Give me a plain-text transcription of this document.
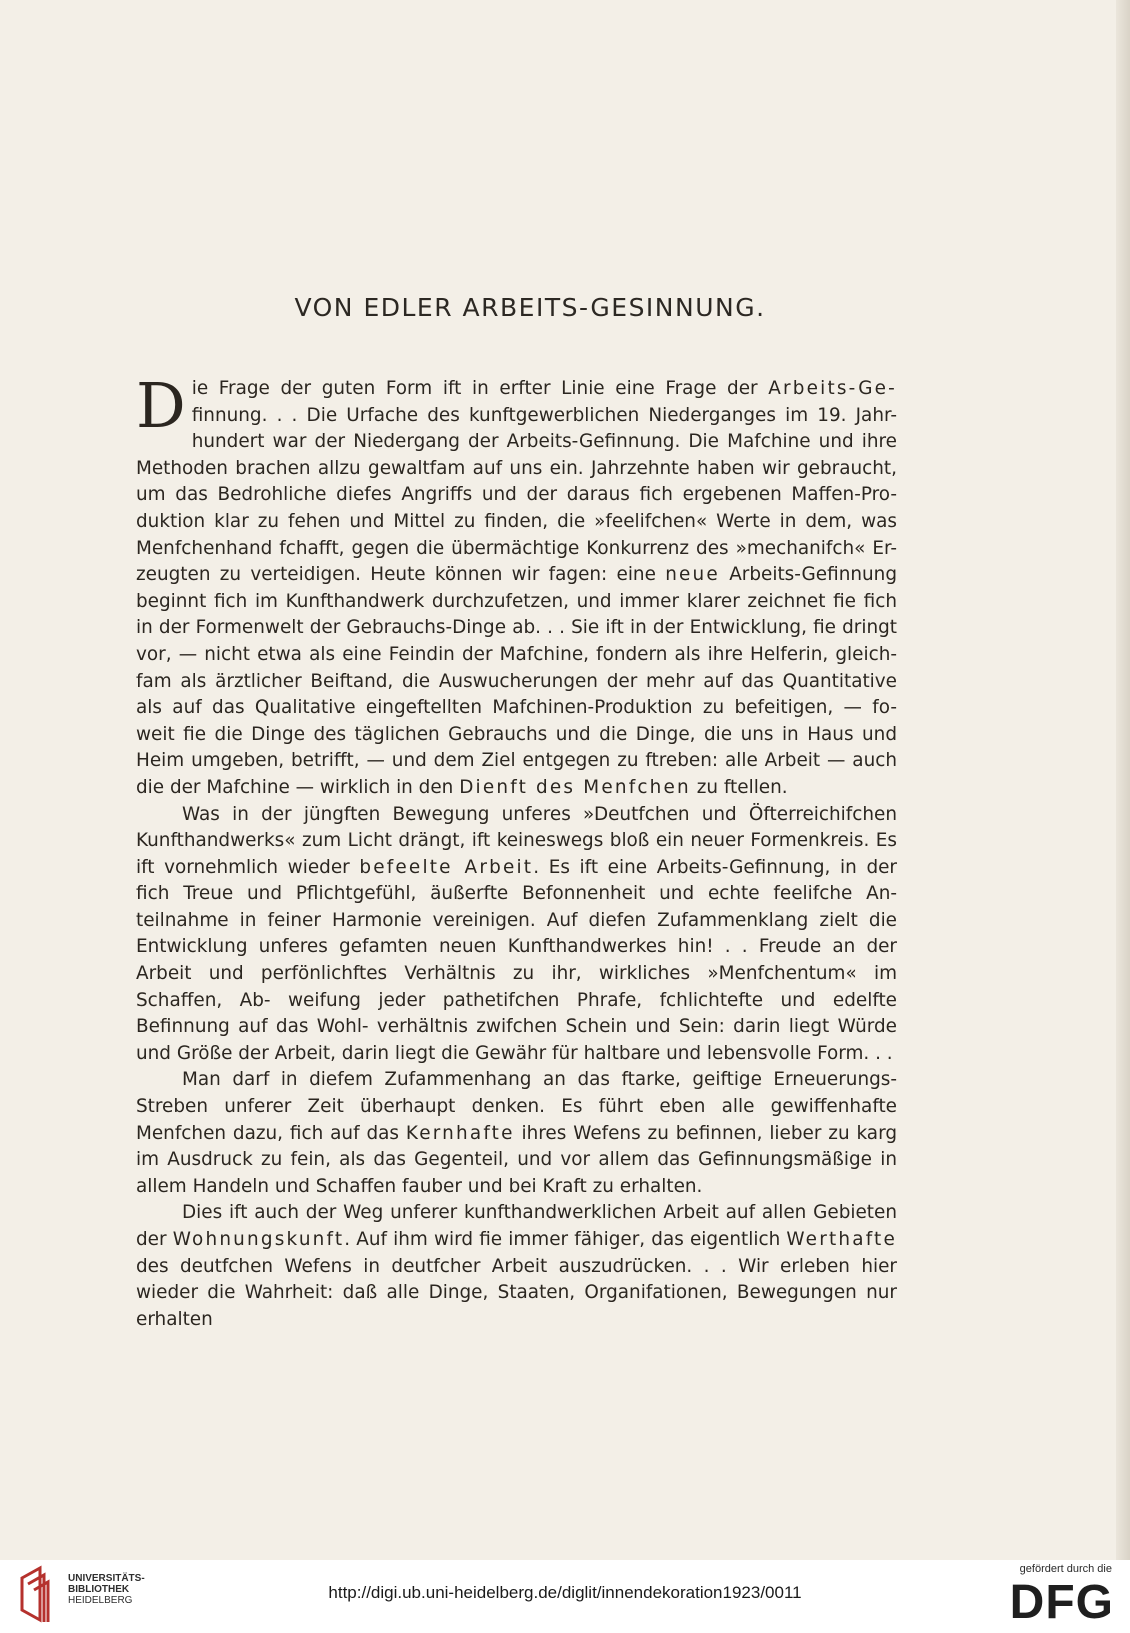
VON EDLER ARBEITS-GESINNUNG.

Die Frage der guten Form ift in erfter Linie eine Frage der Arbeits-Ge- finnung. . . Die Urfache des kunftgewerblichen Niederganges im 19. Jahr- hundert war der Niedergang der Arbeits-Gefinnung. Die Mafchine und ihre Methoden brachen allzu gewaltfam auf uns ein. Jahrzehnte haben wir gebraucht, um das Bedrohliche diefes Angriffs und der daraus fich ergebenen Maffen-Pro- duktion klar zu fehen und Mittel zu finden, die »feelifchen« Werte in dem, was Menfchenhand fchafft, gegen die übermächtige Konkurrenz des »mechanifch« Er- zeugten zu verteidigen. Heute können wir fagen: eine neue Arbeits-Gefinnung beginnt fich im Kunfthandwerk durchzufetzen, und immer klarer zeichnet fie fich in der Formenwelt der Gebrauchs-Dinge ab. . . Sie ift in der Entwicklung, fie dringt vor, — nicht etwa als eine Feindin der Mafchine, fondern als ihre Helferin, gleich- fam als ärztlicher Beiftand, die Auswucherungen der mehr auf das Quantitative als auf das Qualitative eingeftellten Mafchinen-Produktion zu befeitigen, — fo- weit fie die Dinge des täglichen Gebrauchs und die Dinge, die uns in Haus und Heim umgeben, betrifft, — und dem Ziel entgegen zu ftreben: alle Arbeit — auch die der Mafchine — wirklich in den Dienft des Menfchen zu ftellen.

Was in der jüngften Bewegung unferes »Deutfchen und Öfterreichifchen Kunfthandwerks« zum Licht drängt, ift keineswegs bloß ein neuer Formenkreis. Es ift vornehmlich wieder befeelte Arbeit. Es ift eine Arbeits-Gefinnung, in der fich Treue und Pflichtgefühl, äußerfte Befonnenheit und echte feelifche An- teilnahme in feiner Harmonie vereinigen. Auf diefen Zufammenklang zielt die Entwicklung unferes gefamten neuen Kunfthandwerkes hin! . . Freude an der Arbeit und perfönlichftes Verhältnis zu ihr, wirkliches »Menfchentum« im Schaffen, Ab- weifung jeder pathetifchen Phrafe, fchlichtefte und edelfte Befinnung auf das Wohl- verhältnis zwifchen Schein und Sein: darin liegt Würde und Größe der Arbeit, darin liegt die Gewähr für haltbare und lebensvolle Form. . .

Man darf in diefem Zufammenhang an das ftarke, geiftige Erneuerungs-Streben unferer Zeit überhaupt denken. Es führt eben alle gewiffenhafte Menfchen dazu, fich auf das Kernhafte ihres Wefens zu befinnen, lieber zu karg im Ausdruck zu fein, als das Gegenteil, und vor allem das Gefinnungsmäßige in allem Handeln und Schaffen fauber und bei Kraft zu erhalten.

Dies ift auch der Weg unferer kunfthandwerklichen Arbeit auf allen Gebieten der Wohnungskunft. Auf ihm wird fie immer fähiger, das eigentlich Werthafte des deutfchen Wefens in deutfcher Arbeit auszudrücken. . . Wir erleben hier wieder die Wahrheit: daß alle Dinge, Staaten, Organifationen, Bewegungen nur erhalten

UNIVERSITÄTS-
BIBLIOTHEK
HEIDELBERG	http://digi.ub.uni-heidelberg.de/diglit/innendekoration1923/0011
gefördert durch die
DFG
